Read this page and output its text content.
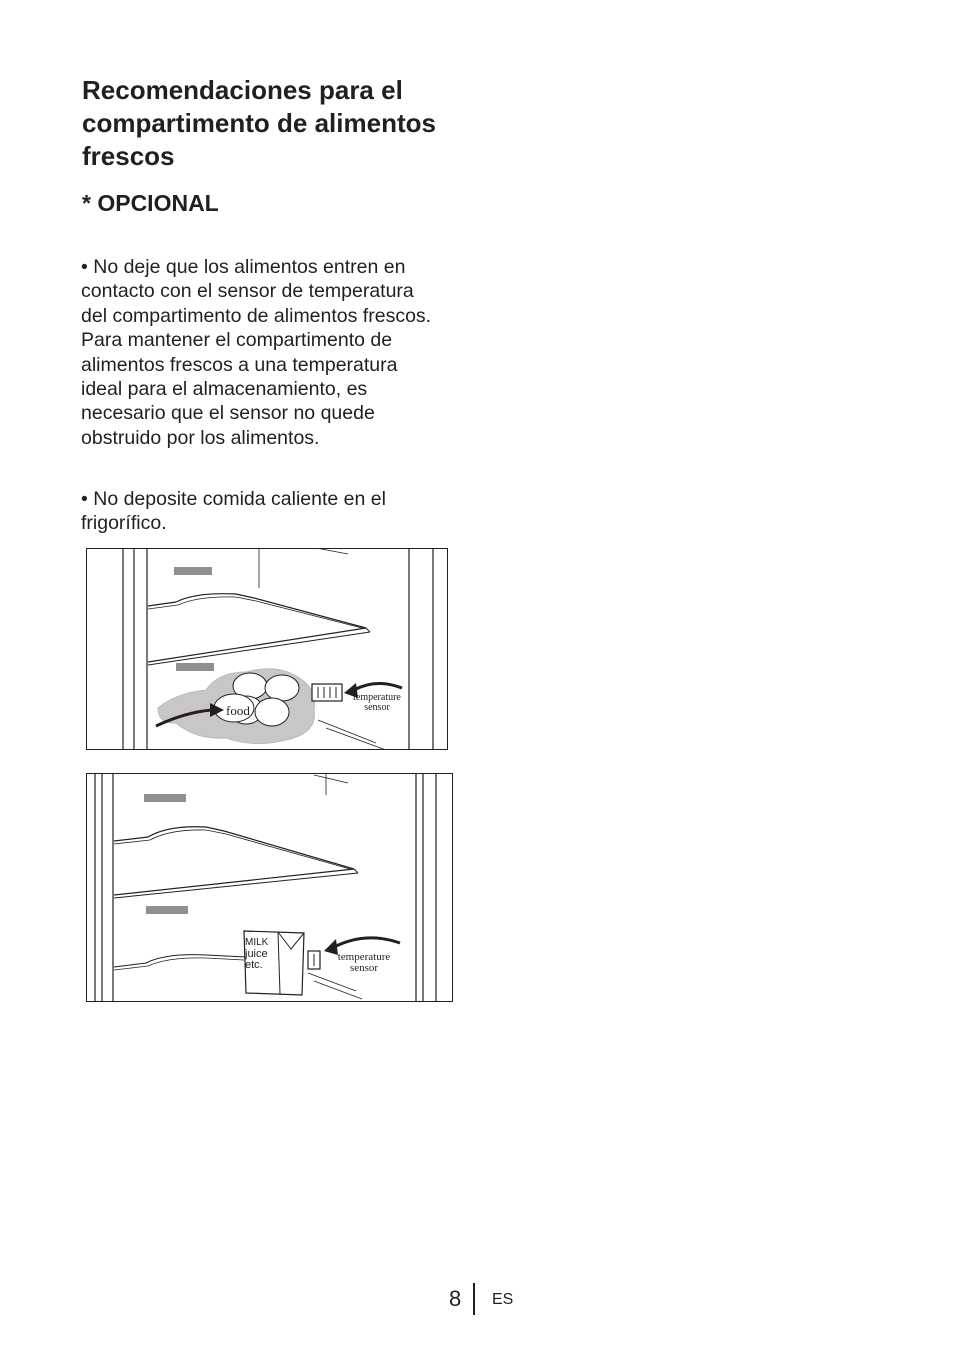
Recomendaciones para el compartimento de alimentos frescos
* OPCIONAL

• No deje que los alimentos entren en contacto con el sensor de temperatura del compartimento de alimentos frescos. Para mantener el compartimento de alimentos frescos a una temperatura ideal para el almacenamiento, es necesario que el sensor no quede obstruido por los alimentos.

• No deposite comida caliente en el frigorífico.

food
temperature
sensor
MILK
juice
etc.
temperature
sensor
8 ES
